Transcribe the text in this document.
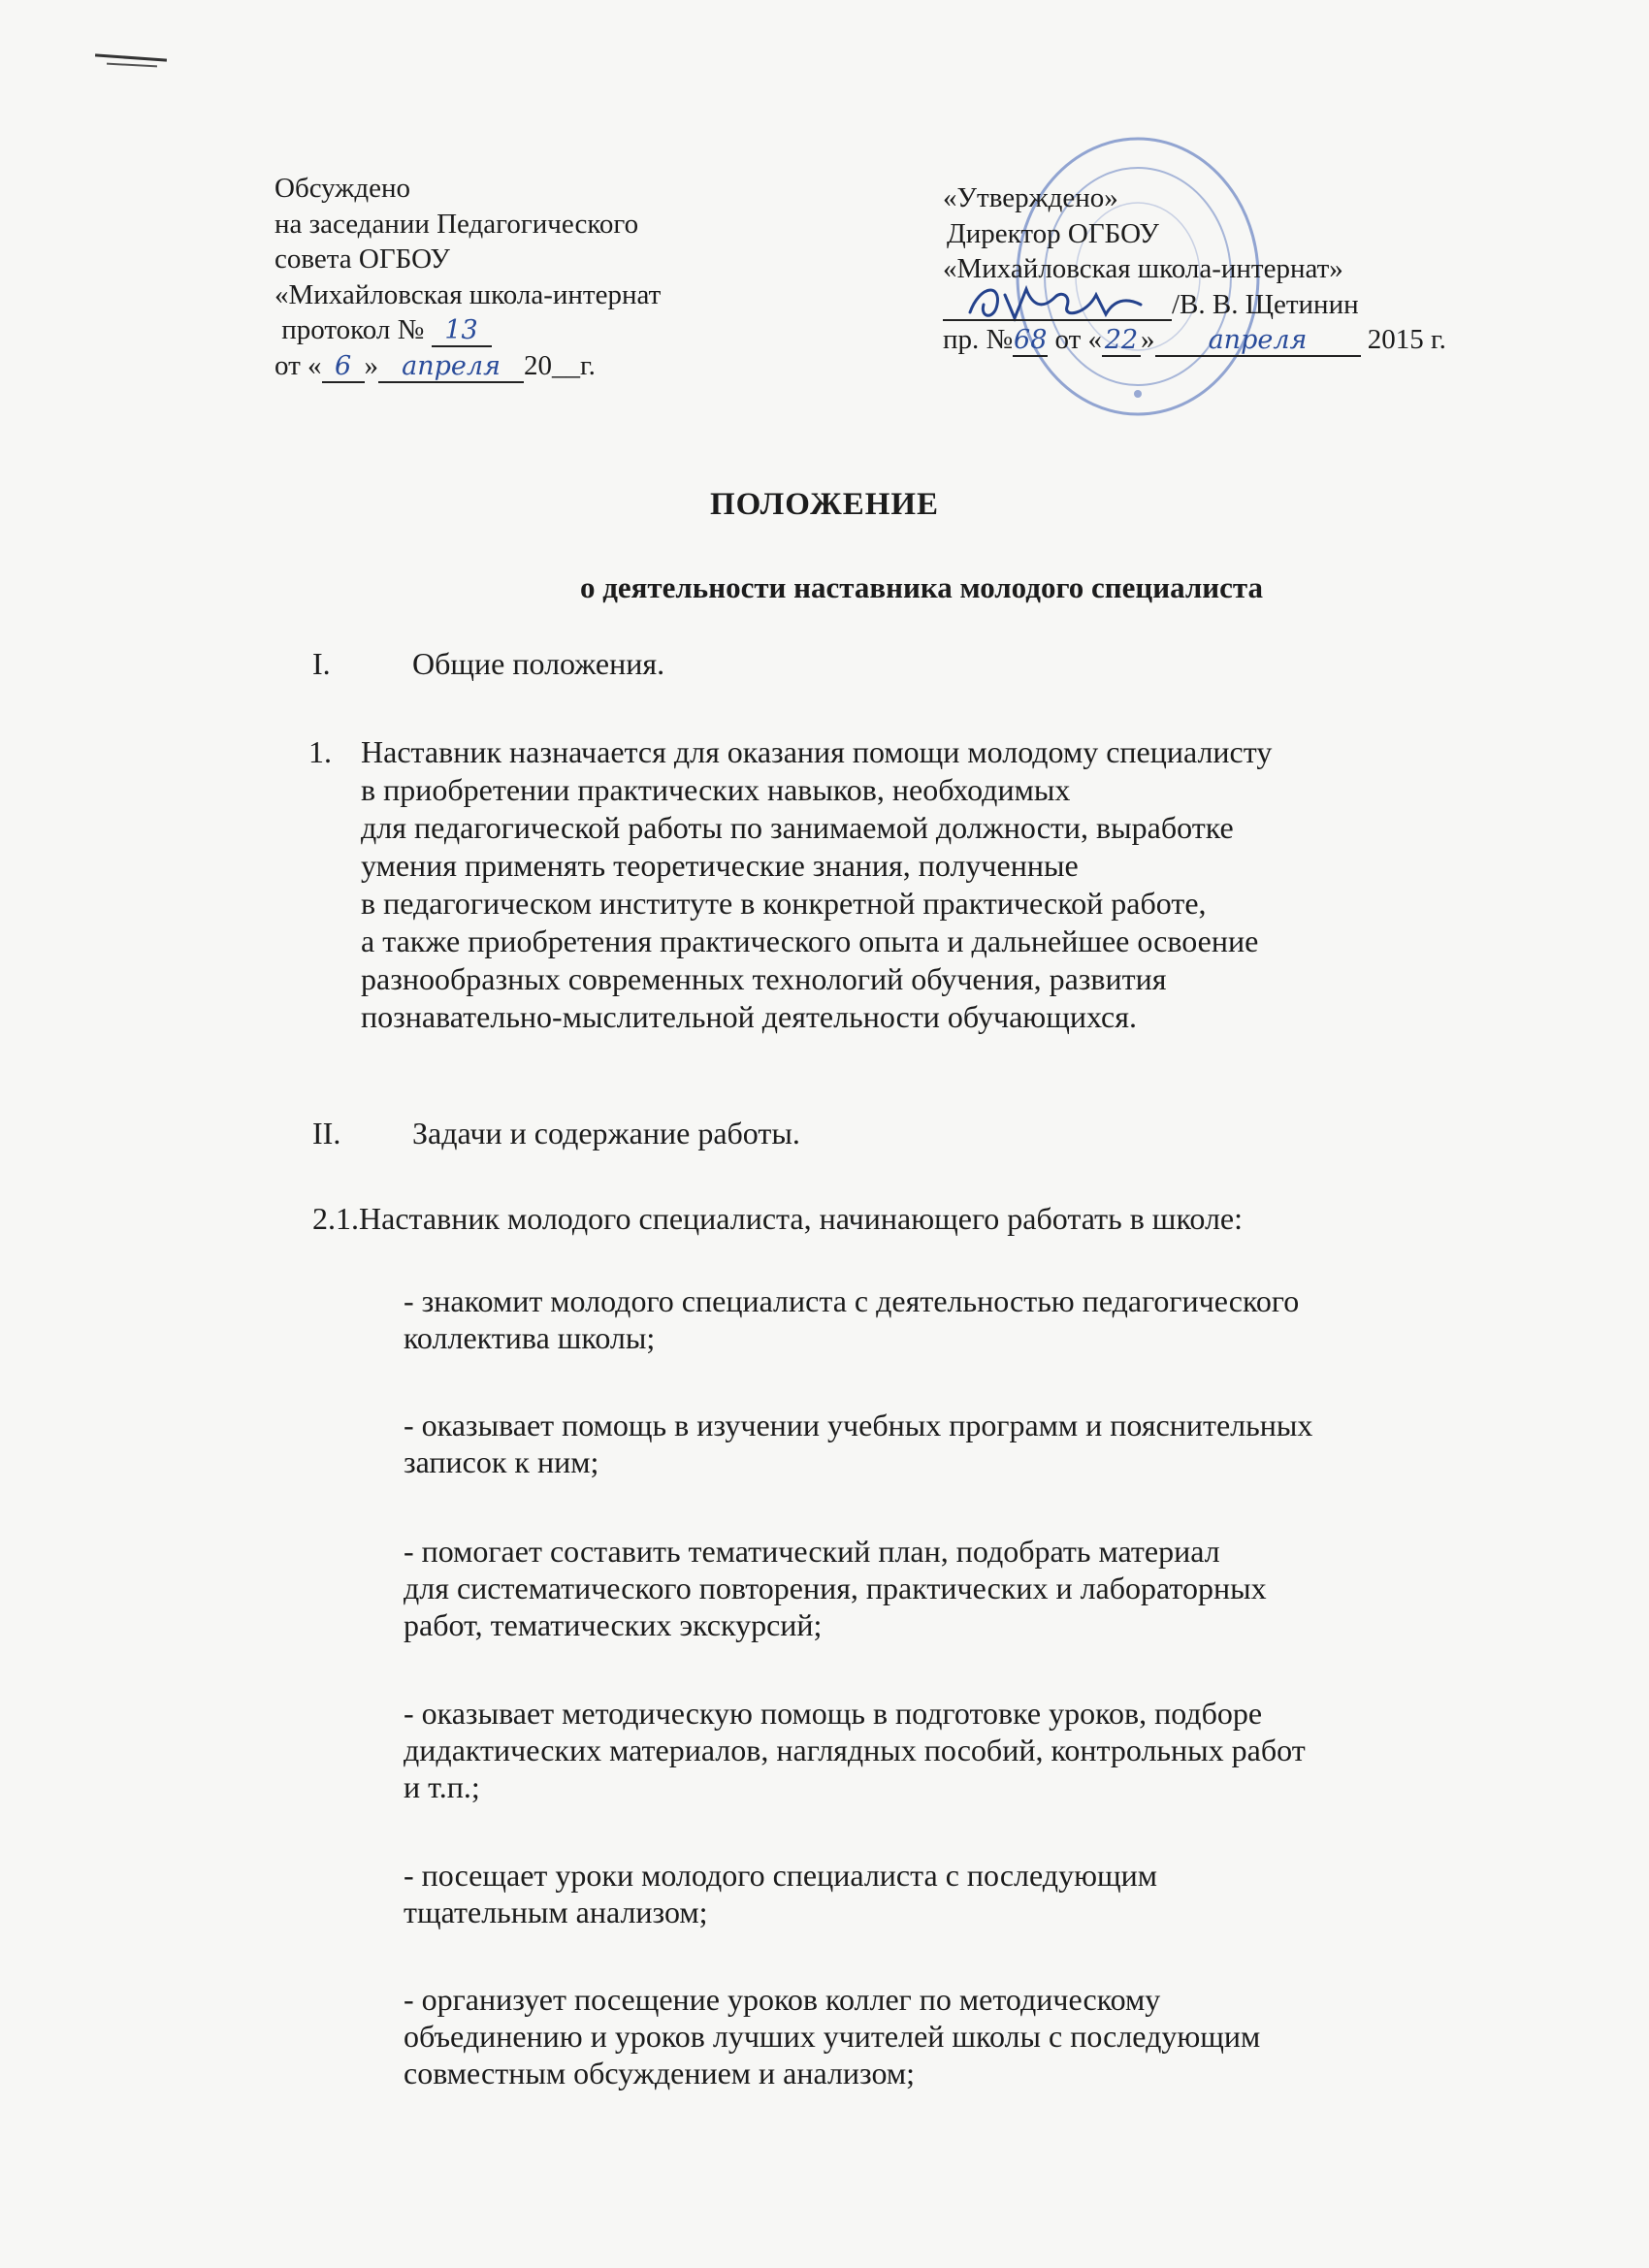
Обсуждено
на заседании Педагогического
совета ОГБОУ
«Михайловская школа-интернат
протокол № 13
от « 6 » апреля 20__г.
«Утверждено»
Директор ОГБОУ
«Михайловская школа-интернат»
/В. В. Щетинин
пр. №68 от « 22» апреля 2015 г.
ПОЛОЖЕНИЕ
о деятельности наставника молодого специалиста
I.	Общие положения.
1. Наставник назначается для оказания помощи молодому специалисту
в приобретении практических навыков, необходимых
для педагогической работы по занимаемой должности, выработке
умения применять теоретические знания, полученные
в педагогическом институте в конкретной практической работе,
а также приобретения практического опыта и дальнейшее освоение
разнообразных современных технологий обучения, развития
познавательно-мыслительной деятельности обучающихся.
II. Задачи и содержание работы.
2.1.Наставник молодого специалиста, начинающего работать в школе:
- знакомит молодого специалиста с деятельностью педагогического
коллектива школы;
- оказывает помощь в изучении учебных программ и пояснительных
записок к ним;
- помогает составить тематический план, подобрать материал
для систематического повторения, практических и лабораторных
работ, тематических экскурсий;
- оказывает методическую помощь в подготовке уроков, подборе
дидактических материалов, наглядных пособий, контрольных работ
и т.п.;
- посещает уроки молодого специалиста с последующим
тщательным анализом;
- организует посещение уроков коллег по методическому
объединению и уроков лучших учителей школы с последующим
совместным обсуждением и анализом;
